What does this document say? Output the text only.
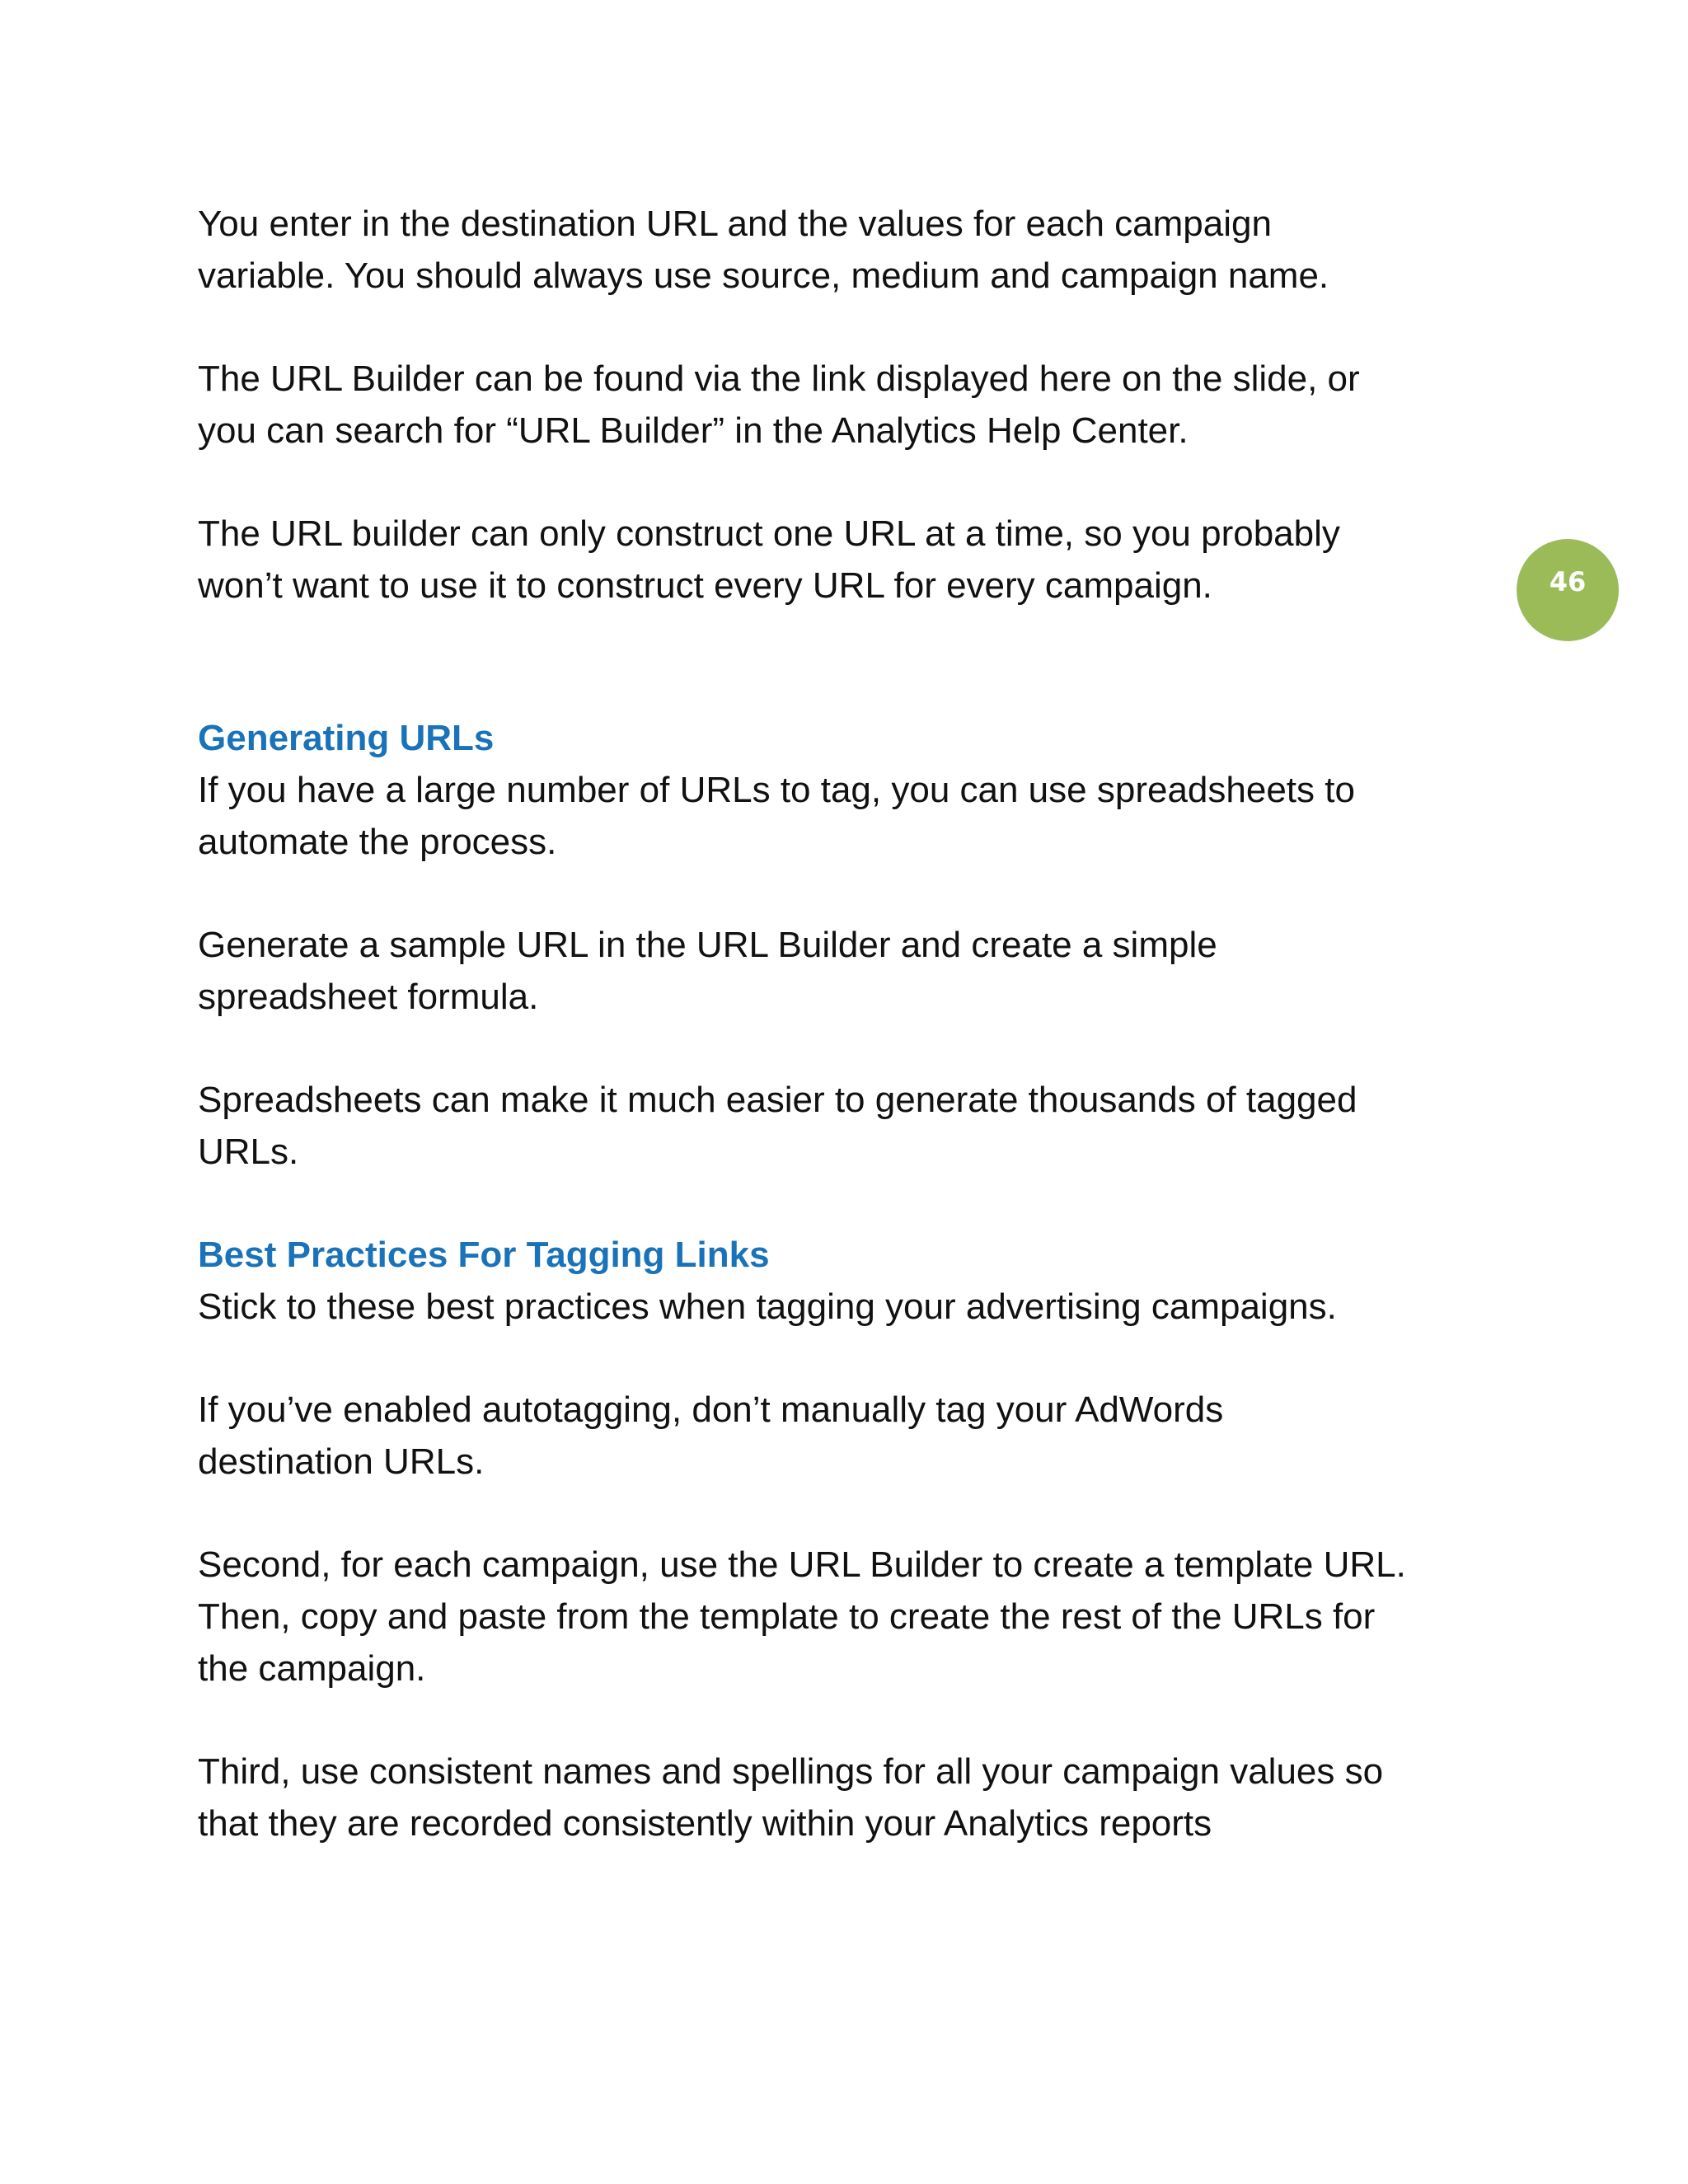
You enter in the destination URL and the values for each campaign
variable. You should always use source, medium and campaign name.

The URL Builder can be found via the link displayed here on the slide, or
you can search for “URL Builder” in the Analytics Help Center.

The URL builder can only construct one URL at a time, so you probably
won’t want to use it to construct every URL for every campaign.

Generating URLs

If you have a large number of URLs to tag, you can use spreadsheets to
automate the process.

Generate a sample URL in the URL Builder and create a simple
spreadsheet formula.

Spreadsheets can make it much easier to generate thousands of tagged
URLs.

Best Practices For Tagging Links

Stick to these best practices when tagging your advertising campaigns.

If you’ve enabled autotagging, don’t manually tag your AdWords
destination URLs.

Second, for each campaign, use the URL Builder to create a template URL.
Then, copy and paste from the template to create the rest of the URLs for
the campaign.

Third, use consistent names and spellings for all your campaign values so
that they are recorded consistently within your Analytics reports

46
